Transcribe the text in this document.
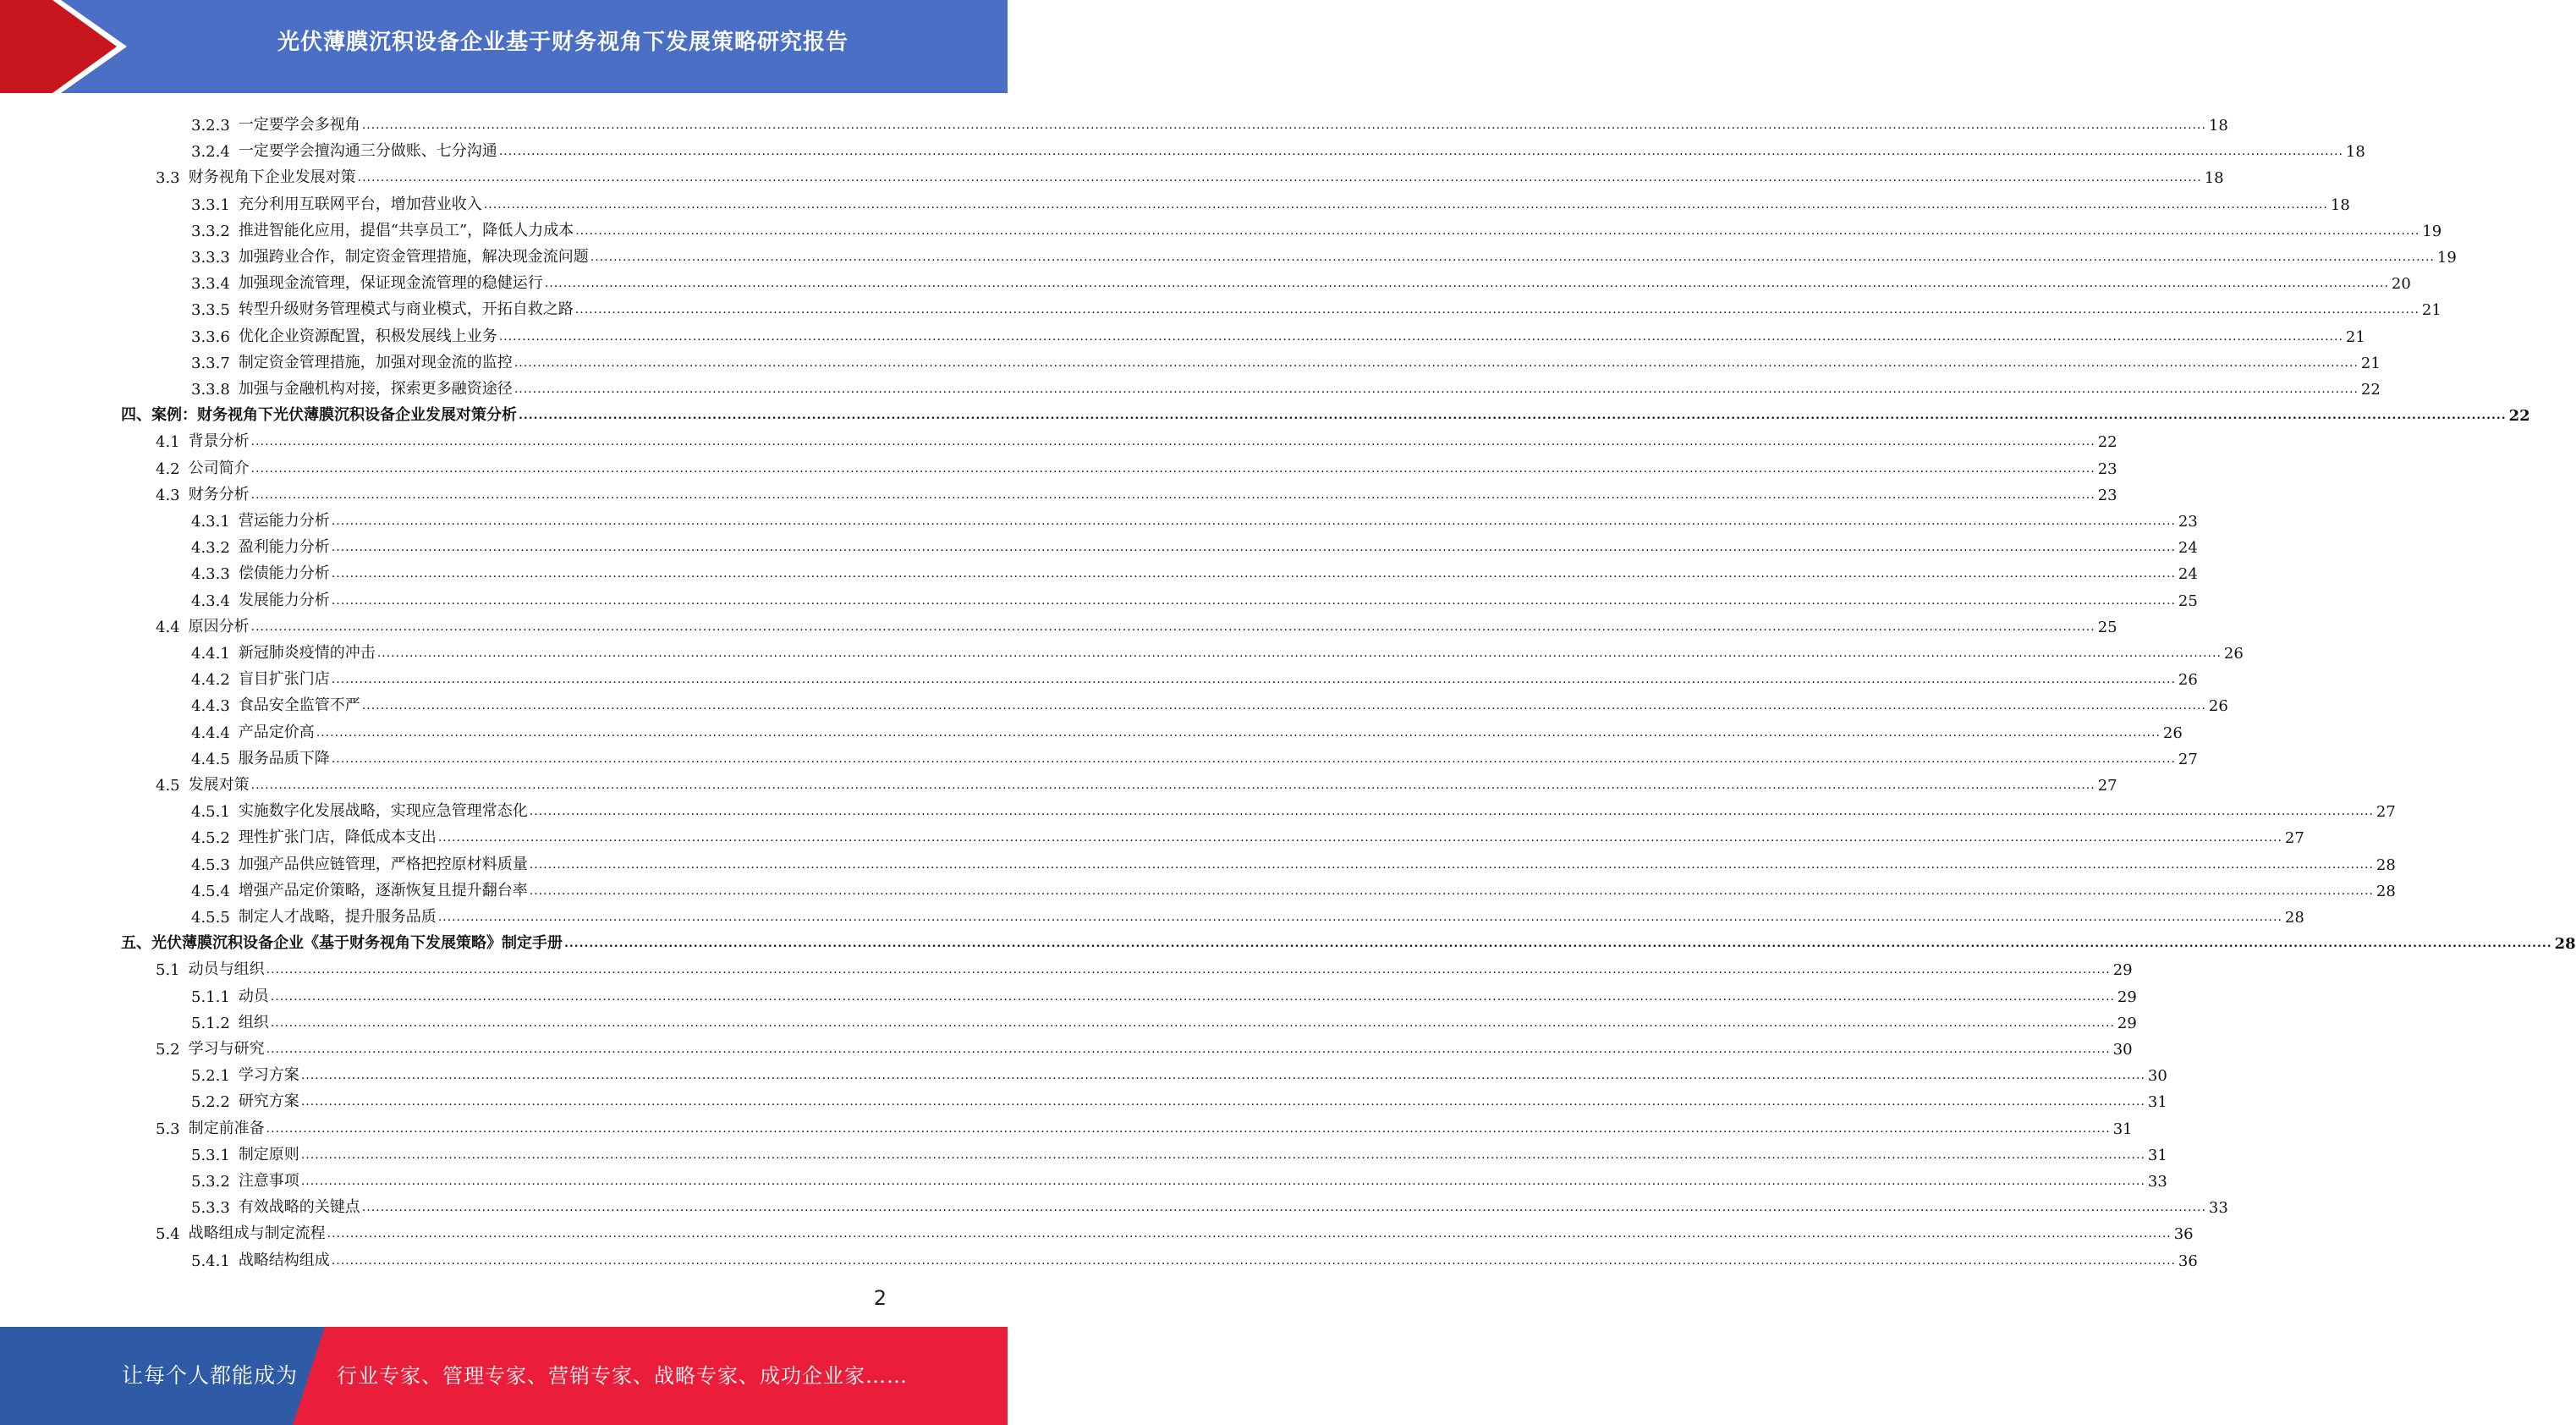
光伏薄膜沉积设备企业基于财务视角下发展策略研究报告
3.2.3 一定要学会多视角 ................................................................................................................................................................................................................................................................................................................................................................................................................ 18
3.2.4 一定要学会擅沟通三分做账、七分沟通 ................................................................................................................................................................................................................................................................................................................................................................................................................ 18
3.3 财务视角下企业发展对策 ................................................................................................................................................................................................................................................................................................................................................................................................................ 18
3.3.1 充分利用互联网平台，增加营业收入 ................................................................................................................................................................................................................................................................................................................................................................................................................ 18
3.3.2 推进智能化应用，提倡“共享员工”，降低人力成本 ................................................................................................................................................................................................................................................................................................................................................................................................................ 19
3.3.3 加强跨业合作，制定资金管理措施，解决现金流问题 ................................................................................................................................................................................................................................................................................................................................................................................................................ 19
3.3.4 加强现金流管理，保证现金流管理的稳健运行 ................................................................................................................................................................................................................................................................................................................................................................................................................ 20
3.3.5 转型升级财务管理模式与商业模式，开拓自救之路 ................................................................................................................................................................................................................................................................................................................................................................................................................ 21
3.3.6 优化企业资源配置，积极发展线上业务 ................................................................................................................................................................................................................................................................................................................................................................................................................ 21
3.3.7 制定资金管理措施，加强对现金流的监控 ................................................................................................................................................................................................................................................................................................................................................................................................................ 21
3.3.8 加强与金融机构对接，探索更多融资途径 ................................................................................................................................................................................................................................................................................................................................................................................................................ 22
四、 案例：财务视角下光伏薄膜沉积设备企业发展对策分析 ................................................................................................................................................................................................................................................................................................................................................................................................................ 22
4.1 背景分析 ................................................................................................................................................................................................................................................................................................................................................................................................................ 22
4.2 公司简介 ................................................................................................................................................................................................................................................................................................................................................................................................................ 23
4.3 财务分析 ................................................................................................................................................................................................................................................................................................................................................................................................................ 23
4.3.1 营运能力分析 ................................................................................................................................................................................................................................................................................................................................................................................................................ 23
4.3.2 盈利能力分析 ................................................................................................................................................................................................................................................................................................................................................................................................................ 24
4.3.3 偿债能力分析 ................................................................................................................................................................................................................................................................................................................................................................................................................ 24
4.3.4 发展能力分析 ................................................................................................................................................................................................................................................................................................................................................................................................................ 25
4.4 原因分析 ................................................................................................................................................................................................................................................................................................................................................................................................................ 25
4.4.1 新冠肺炎疫情的冲击 ................................................................................................................................................................................................................................................................................................................................................................................................................ 26
4.4.2 盲目扩张门店 ................................................................................................................................................................................................................................................................................................................................................................................................................ 26
4.4.3 食品安全监管不严 ................................................................................................................................................................................................................................................................................................................................................................................................................ 26
4.4.4 产品定价高 ................................................................................................................................................................................................................................................................................................................................................................................................................ 26
4.4.5 服务品质下降 ................................................................................................................................................................................................................................................................................................................................................................................................................ 27
4.5 发展对策 ................................................................................................................................................................................................................................................................................................................................................................................................................ 27
4.5.1 实施数字化发展战略，实现应急管理常态化 ................................................................................................................................................................................................................................................................................................................................................................................................................ 27
4.5.2 理性扩张门店，降低成本支出 ................................................................................................................................................................................................................................................................................................................................................................................................................ 27
4.5.3 加强产品供应链管理，严格把控原材料质量 ................................................................................................................................................................................................................................................................................................................................................................................................................ 28
4.5.4 增强产品定价策略，逐渐恢复且提升翻台率 ................................................................................................................................................................................................................................................................................................................................................................................................................ 28
4.5.5 制定人才战略，提升服务品质 ................................................................................................................................................................................................................................................................................................................................................................................................................ 28
五、 光伏薄膜沉积设备企业《基于财务视角下发展策略》制定手册 ................................................................................................................................................................................................................................................................................................................................................................................................................ 28
5.1 动员与组织 ................................................................................................................................................................................................................................................................................................................................................................................................................ 29
5.1.1 动员 ................................................................................................................................................................................................................................................................................................................................................................................................................ 29
5.1.2 组织 ................................................................................................................................................................................................................................................................................................................................................................................................................ 29
5.2 学习与研究 ................................................................................................................................................................................................................................................................................................................................................................................................................ 30
5.2.1 学习方案 ................................................................................................................................................................................................................................................................................................................................................................................................................ 30
5.2.2 研究方案 ................................................................................................................................................................................................................................................................................................................................................................................................................ 31
5.3 制定前准备 ................................................................................................................................................................................................................................................................................................................................................................................................................ 31
5.3.1 制定原则 ................................................................................................................................................................................................................................................................................................................................................................................................................ 31
5.3.2 注意事项 ................................................................................................................................................................................................................................................................................................................................................................................................................ 33
5.3.3 有效战略的关键点 ................................................................................................................................................................................................................................................................................................................................................................................................................ 33
5.4 战略组成与制定流程 ................................................................................................................................................................................................................................................................................................................................................................................................................ 36
5.4.1 战略结构组成 ................................................................................................................................................................................................................................................................................................................................................................................................................ 36
2
让每个人都能成为 行业专家、管理专家、营销专家、战略专家、成功企业家……
